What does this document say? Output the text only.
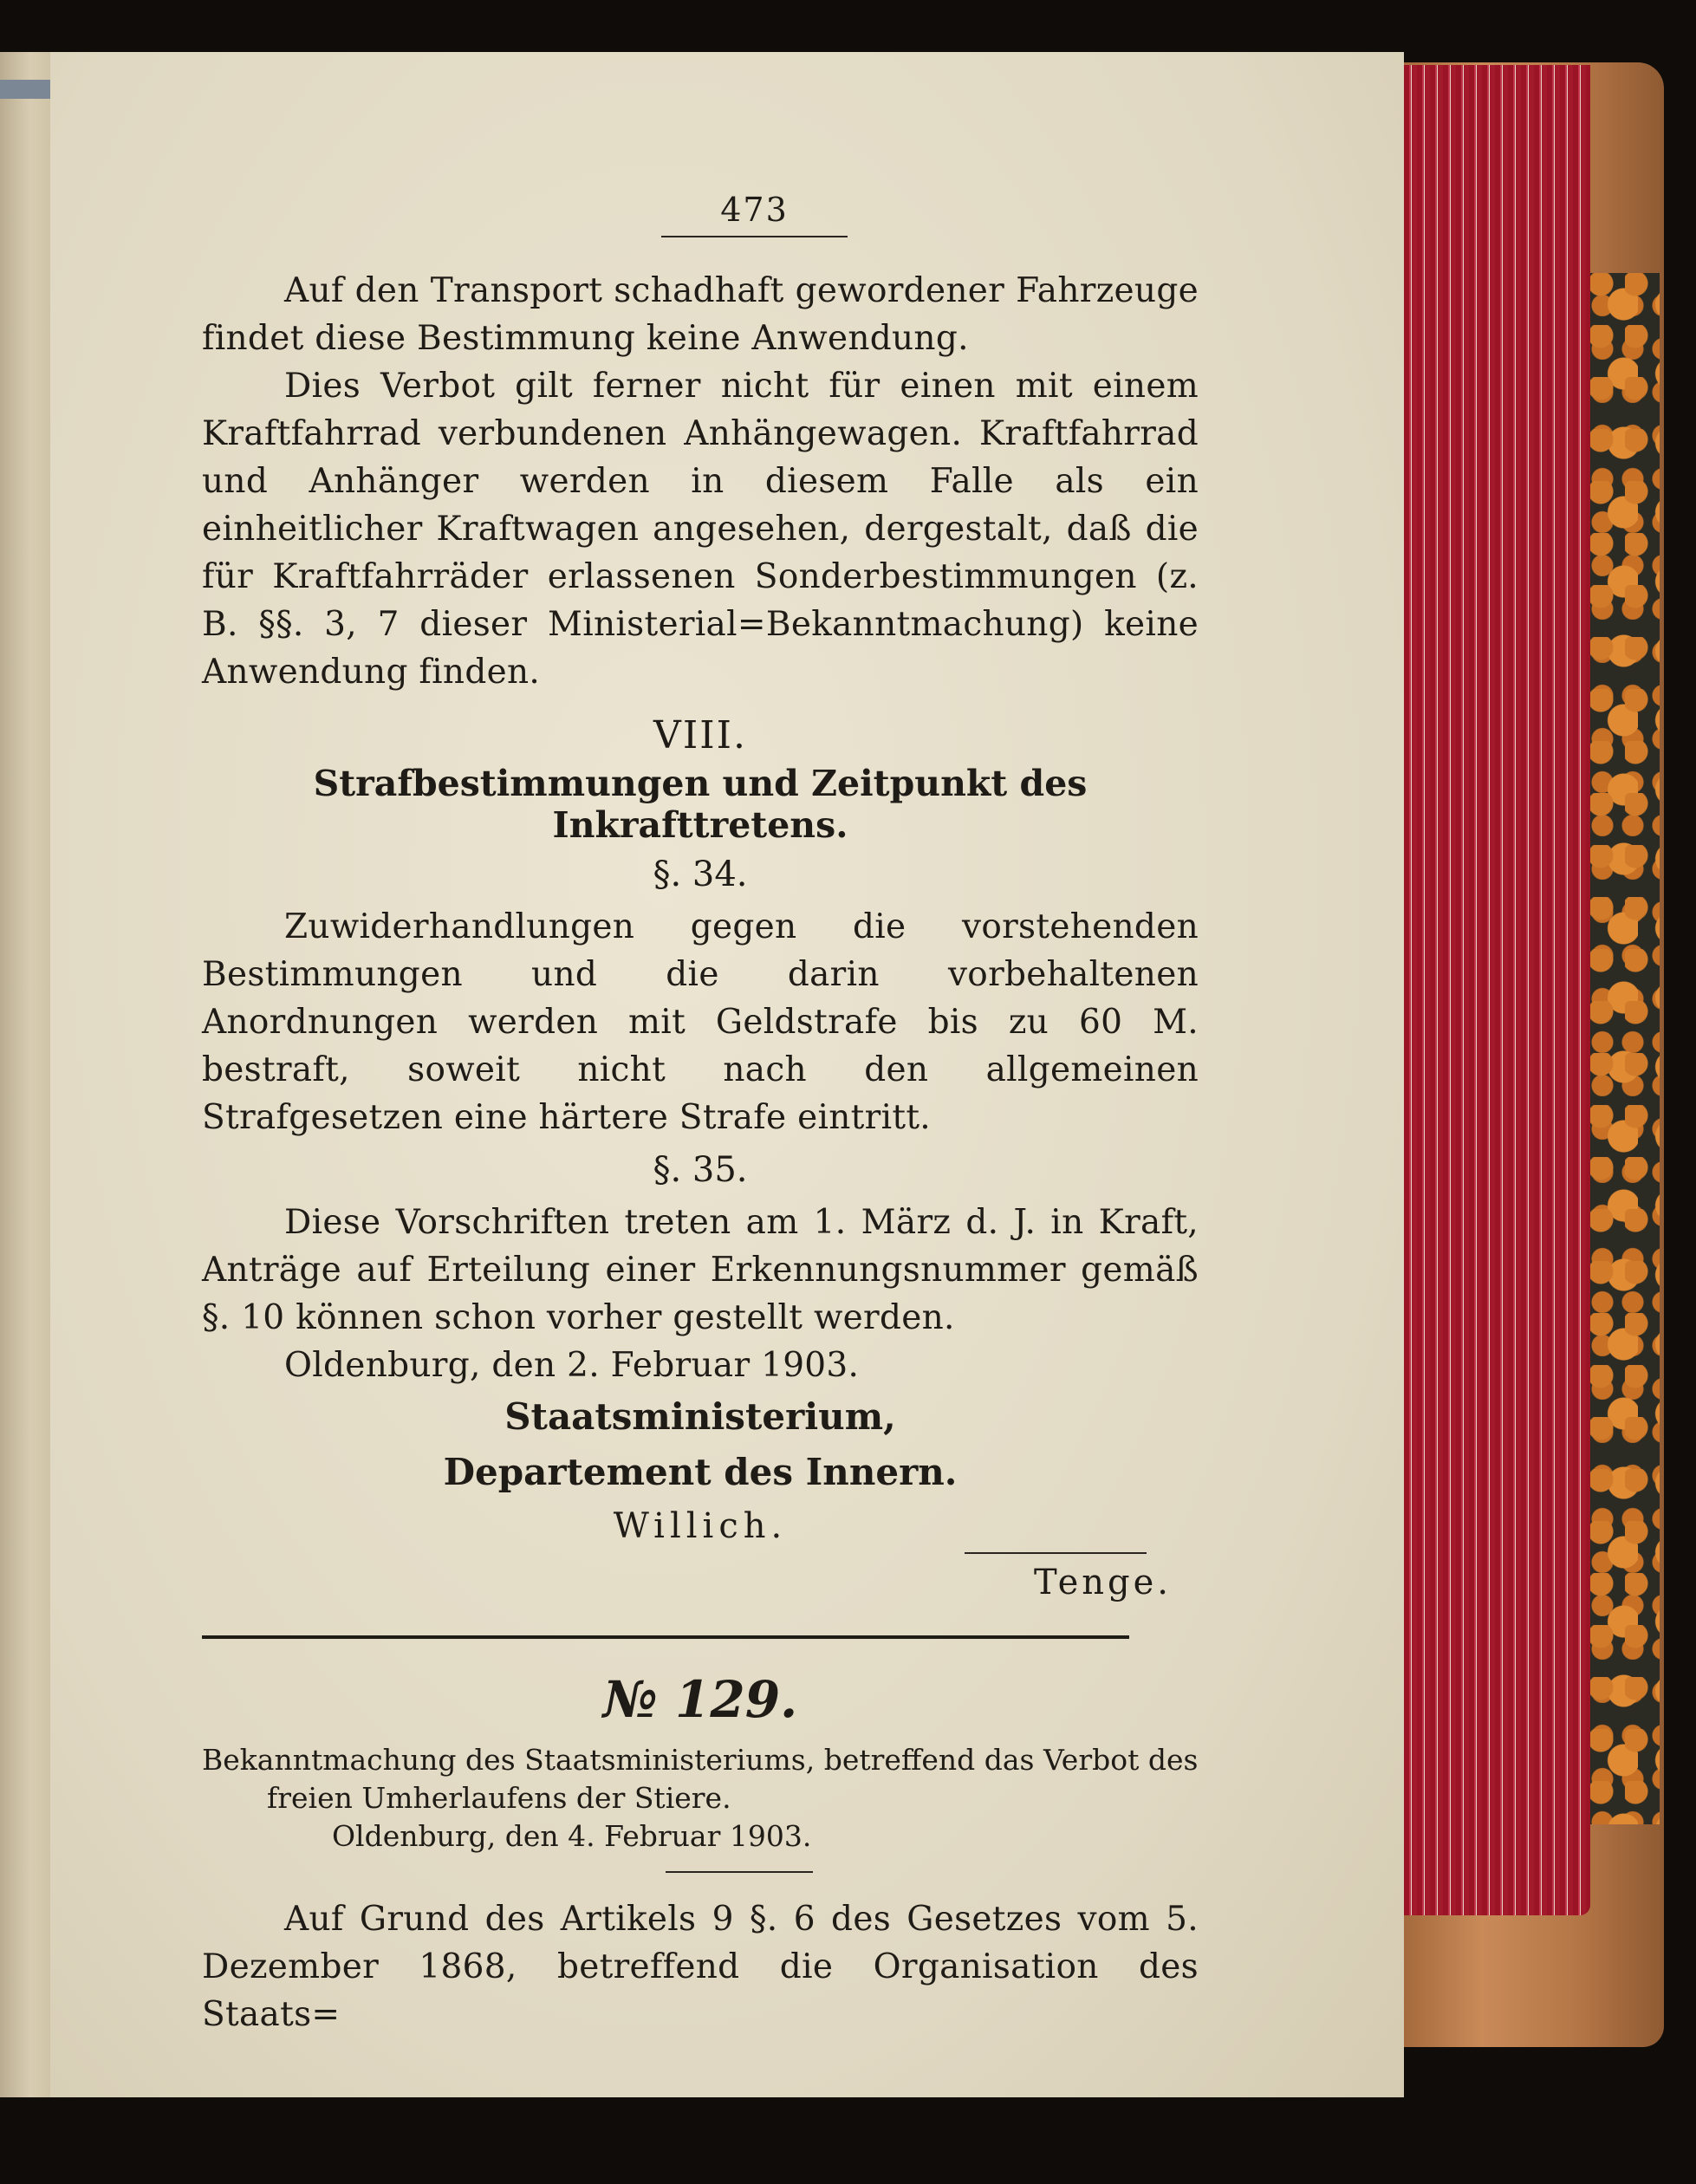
473

Auf den Transport schadhaft gewordener Fahrzeuge findet diese Bestimmung keine Anwendung.

Dies Verbot gilt ferner nicht für einen mit einem Kraftfahrrad verbundenen Anhängewagen. Kraftfahrrad und Anhänger werden in diesem Falle als ein einheitlicher Kraftwagen angesehen, dergestalt, daß die für Kraftfahrräder erlassenen Sonderbestimmungen (z. B. §§. 3, 7 dieser Ministerial=Bekanntmachung) keine Anwendung finden.

VIII.

Strafbestimmungen und Zeitpunkt des Inkrafttretens.

§. 34.

Zuwiderhandlungen gegen die vorstehenden Bestimmungen und die darin vorbehaltenen Anordnungen werden mit Geldstrafe bis zu 60 M. bestraft, soweit nicht nach den allgemeinen Strafgesetzen eine härtere Strafe eintritt.

§. 35.

Diese Vorschriften treten am 1. März d. J. in Kraft, Anträge auf Erteilung einer Erkennungsnummer gemäß §. 10 können schon vorher gestellt werden.

Oldenburg, den 2. Februar 1903.

Staatsministerium,

Departement des Innern.

Willich.

Tenge.

№ 129.

Bekanntmachung des Staatsministeriums, betreffend das Verbot des

freien Umherlaufens der Stiere.

Oldenburg, den 4. Februar 1903.

Auf Grund des Artikels 9 §. 6 des Gesetzes vom 5. Dezember 1868, betreffend die Organisation des Staats=
